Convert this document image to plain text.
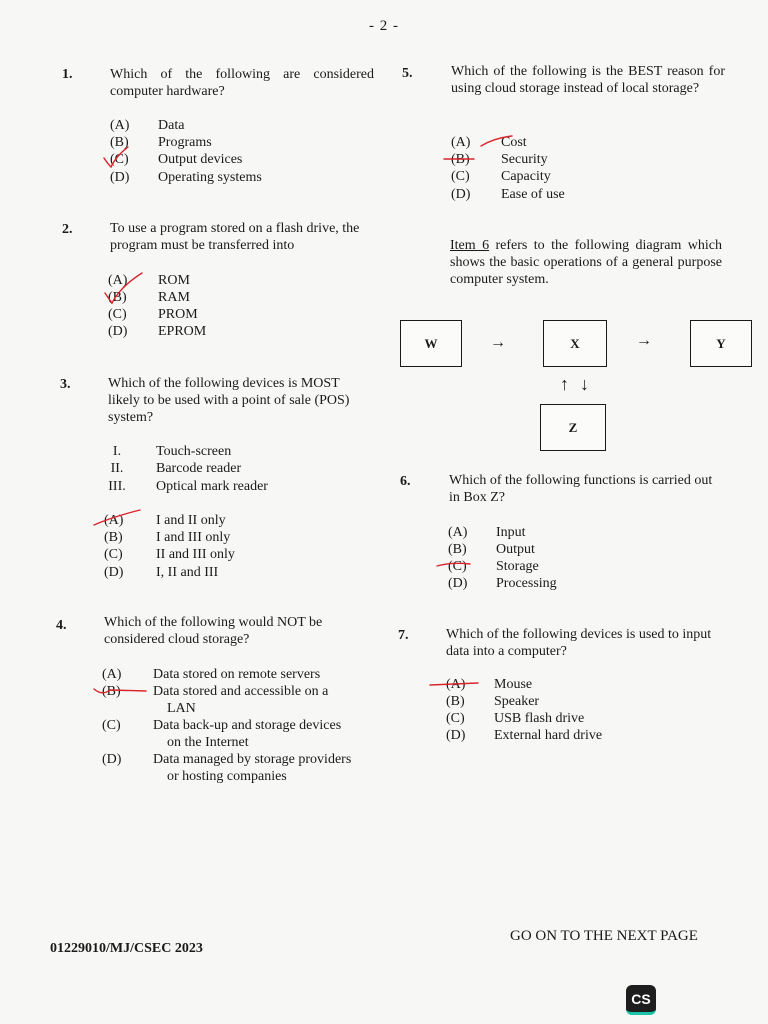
- 2 -
1.	Which of the following are considered computer hardware?
(A) Data
(B) Programs
(C) Output devices
(D) Operating systems
2.	To use a program stored on a flash drive, the program must be transferred into
(A) ROM
(B) RAM
(C) PROM
(D) EPROM
3.	Which of the following devices is MOST likely to be used with a point of sale (POS) system?
I. Touch-screen
II. Barcode reader
III. Optical mark reader
(A) I and II only
(B) I and III only
(C) II and III only
(D) I, II and III
4.	Which of the following would NOT be considered cloud storage?
(A) Data stored on remote servers
(B) Data stored and accessible on a
LAN
(C) Data back-up and storage devices
on the Internet
(D) Data managed by storage providers
or hosting companies
5.	Which of the following is the BEST reason for using cloud storage instead of local storage?
(A) Cost
(B) Security
(C) Capacity
(D) Ease of use
Item 6 refers to the following diagram which shows the basic operations of a general purpose computer system.
W	→	X	→	Y
↑ ↓
Z
6.	Which of the following functions is carried out in Box Z?
(A) Input
(B) Output
(C) Storage
(D) Processing
7.	Which of the following devices is used to input data into a computer?
(A) Mouse
(B) Speaker
(C) USB flash drive
(D) External hard drive
01229010/MJ/CSEC 2023
GO ON TO THE NEXT PAGE
CS
